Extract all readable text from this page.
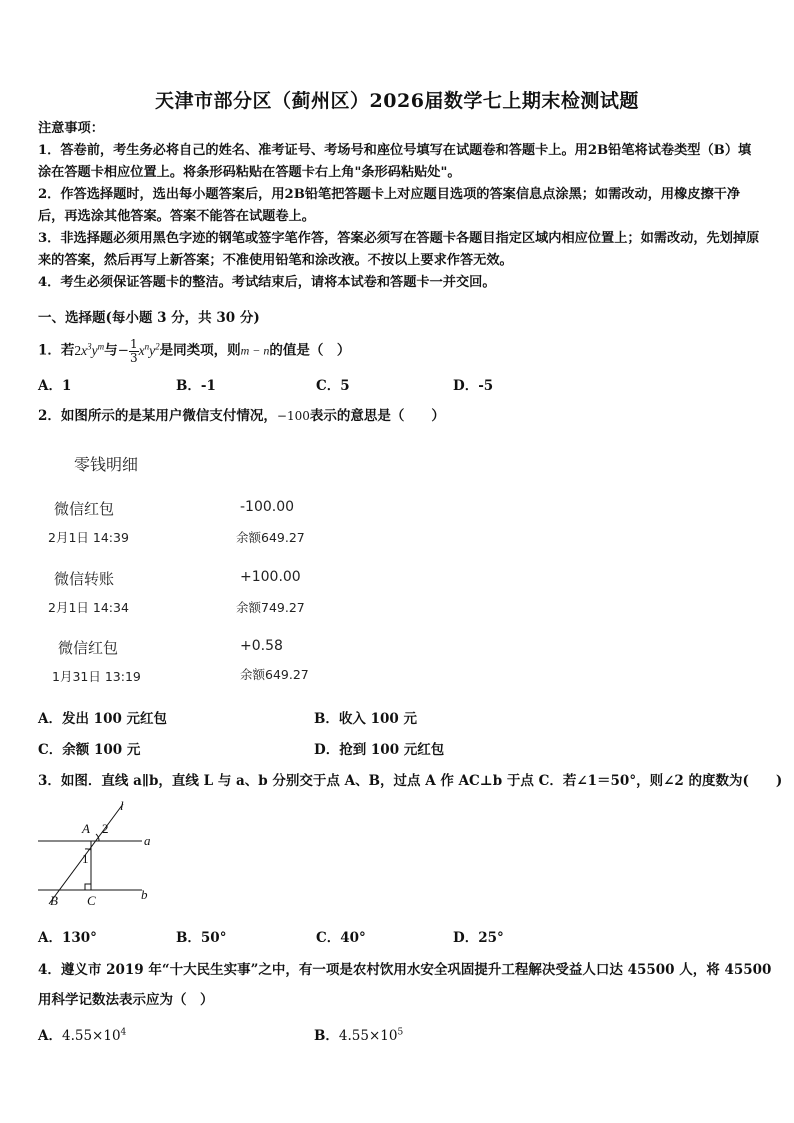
天津市部分区（蓟州区）2026届数学七上期末检测试题
注意事项：
1．答卷前，考生务必将自己的姓名、准考证号、考场号和座位号填写在试题卷和答题卡上。用2B铅笔将试卷类型（B）填涂在答题卡相应位置上。将条形码粘贴在答题卡右上角"条形码粘贴处"。
2．作答选择题时，选出每小题答案后，用2B铅笔把答题卡上对应题目选项的答案信息点涂黑；如需改动，用橡皮擦干净后，再选涂其他答案。答案不能答在试题卷上。
3．非选择题必须用黑色字迹的钢笔或签字笔作答，答案必须写在答题卡各题目指定区域内相应位置上；如需改动，先划掉原来的答案，然后再写上新答案；不准使用铅笔和涂改液。不按以上要求作答无效。
4．考生必须保证答题卡的整洁。考试结束后，请将本试卷和答题卡一并交回。
一、选择题(每小题 3 分，共 30 分)
1．若$2x^3y^m$与− $\frac{1}{3} x^ny^2$是同类项，则m − n的值是（　）
A．1	B．-1	C．5	D．-5
2．如图所示的是某用户微信支付情况，−100表示的意思是（　　）
零钱明细
微信红包	-100.00
2月1日 14:39	余额649.27
微信转账	+100.00
2月1日 14:34	余额749.27
微信红包	+0.58
1月31日 13:19	余额649.27
A．发出 100 元红包	B．收入 100 元
C．余额 100 元	D．抢到 100 元红包
3．如图．直线 a∥b，直线 L 与 a、b 分别交于点 A、B，过点 A 作 AC⊥b 于点 C．若∠1＝50°，则∠2 的度数为(　　)
l
A 2
a
1
B C	b
A．130°	B．50°	C．40°	D．25°
4．遵义市 2019 年“十大民生实事”之中，有一项是农村饮用水安全巩固提升工程解决受益人口达 45500 人，将 45500
用科学记数法表示应为（　）
A．$4.55\times 10^4$	B．$4.55\times 10^5$
